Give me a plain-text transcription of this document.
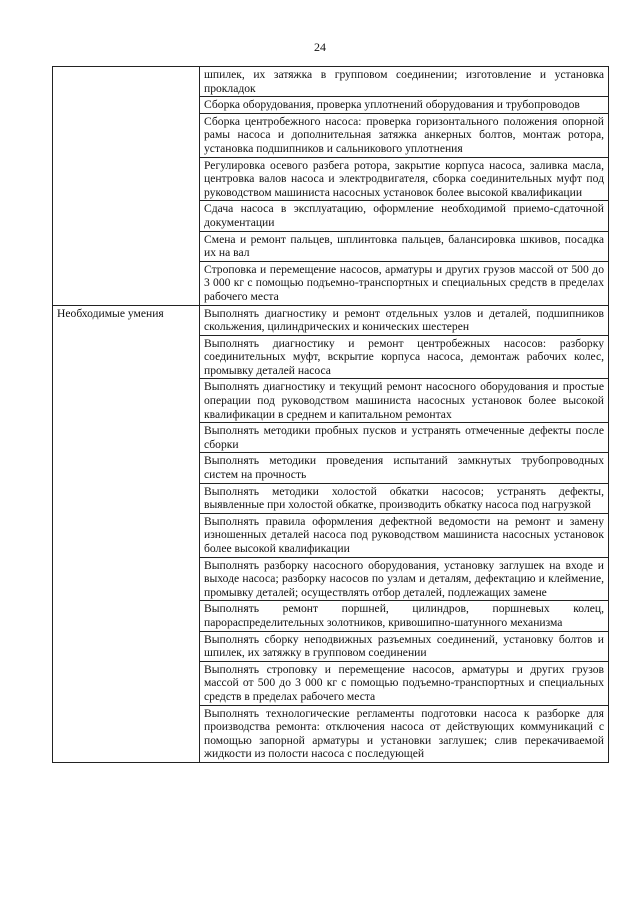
24
	шпилек, их затяжка в групповом соединении; изготовление и установка прокладок
	Сборка оборудования, проверка уплотнений оборудования и трубопроводов
	Сборка центробежного насоса: проверка горизонтального положения опорной рамы насоса и дополнительная затяжка анкерных болтов, монтаж ротора, установка подшипников и сальникового уплотнения
	Регулировка осевого разбега ротора, закрытие корпуса насоса, заливка масла, центровка валов насоса и электродвигателя, сборка соединительных муфт под руководством машиниста насосных установок более высокой квалификации
	Сдача насоса в эксплуатацию, оформление необходимой приемо-сдаточной документации
	Смена и ремонт пальцев, шплинтовка пальцев, балансировка шкивов, посадка их на вал
	Строповка и перемещение насосов, арматуры и других грузов массой от 500 до 3 000 кг с помощью подъемно-транспортных и специальных средств в пределах рабочего места
Необходимые умения	Выполнять диагностику и ремонт отдельных узлов и деталей, подшипников скольжения, цилиндрических и конических шестерен
	Выполнять диагностику и ремонт центробежных насосов: разборку соединительных муфт, вскрытие корпуса насоса, демонтаж рабочих колес, промывку деталей насоса
	Выполнять диагностику и текущий ремонт насосного оборудования и простые операции под руководством машиниста насосных установок более высокой квалификации в среднем и капитальном ремонтах
	Выполнять методики пробных пусков и устранять отмеченные дефекты после сборки
	Выполнять методики проведения испытаний замкнутых трубопроводных систем на прочность
	Выполнять методики холостой обкатки насосов; устранять дефекты, выявленные при холостой обкатке, производить обкатку насоса под нагрузкой
	Выполнять правила оформления дефектной ведомости на ремонт и замену изношенных деталей насоса под руководством машиниста насосных установок более высокой квалификации
	Выполнять разборку насосного оборудования, установку заглушек на входе и выходе насоса; разборку насосов по узлам и деталям, дефектацию и клеймение, промывку деталей; осуществлять отбор деталей, подлежащих замене
	Выполнять ремонт поршней, цилиндров, поршневых колец, парораспределительных золотников, кривошипно-шатунного механизма
	Выполнять сборку неподвижных разъемных соединений, установку болтов и шпилек, их затяжку в групповом соединении
	Выполнять строповку и перемещение насосов, арматуры и других грузов массой от 500 до 3 000 кг с помощью подъемно-транспортных и специальных средств в пределах рабочего места
	Выполнять технологические регламенты подготовки насоса к разборке для производства ремонта: отключения насоса от действующих коммуникаций с помощью запорной арматуры и установки заглушек; слив перекачиваемой жидкости из полости насоса с последующей
